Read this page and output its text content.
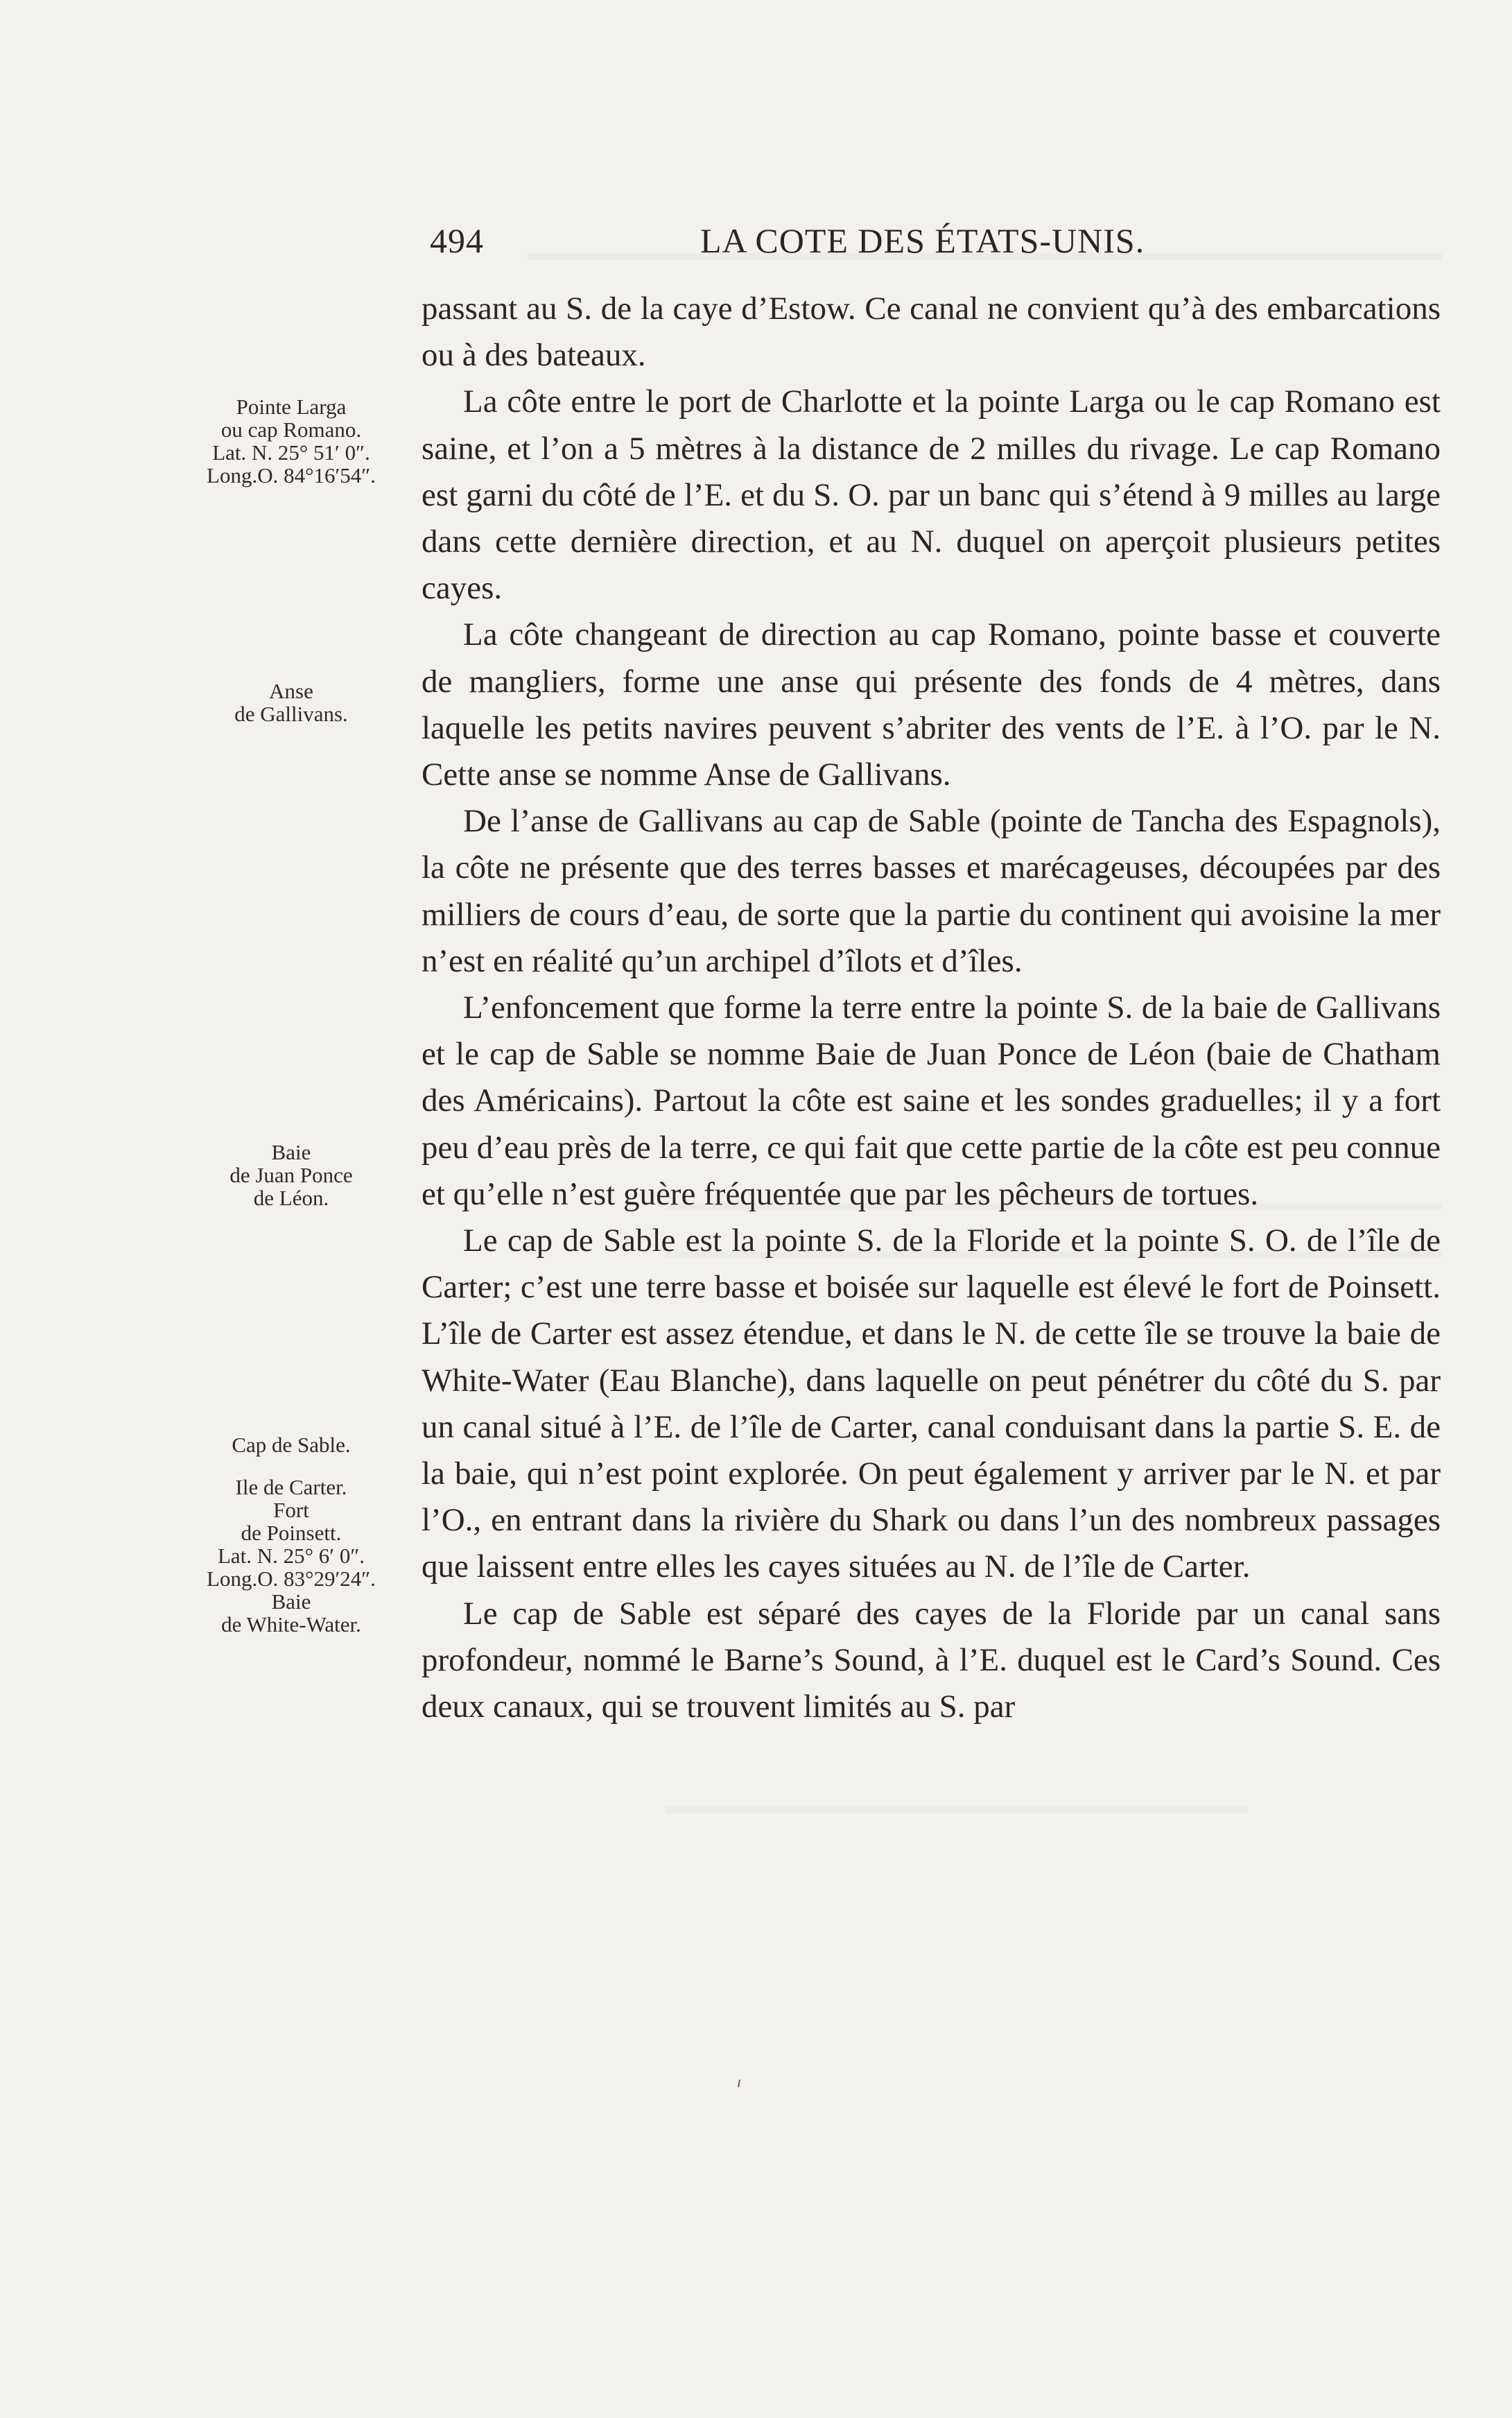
494	LA COTE DES ÉTATS-UNIS.
Pointe Larga
ou cap Romano.
Lat. N. 25° 51′ 0″.
Long.O. 84°16′54″.
Anse
de Gallivans.
Baie
de Juan Ponce
de Léon.
Cap de Sable.
Ile de Carter.
Fort
de Poinsett.
Lat. N. 25° 6′ 0″.
Long.O. 83°29′24″.
Baie
de White-Water.

passant au S. de la caye d’Estow. Ce canal ne convient qu’à des embarcations ou à des bateaux.

La côte entre le port de Charlotte et la pointe Larga ou le cap Romano est saine, et l’on a 5 mètres à la distance de 2 milles du rivage. Le cap Romano est garni du côté de l’E. et du S. O. par un banc qui s’étend à 9 milles au large dans cette dernière direction, et au N. duquel on aperçoit plusieurs petites cayes.

La côte changeant de direction au cap Romano, pointe basse et couverte de mangliers, forme une anse qui présente des fonds de 4 mètres, dans laquelle les petits navires peuvent s’abriter des vents de l’E. à l’O. par le N. Cette anse se nomme Anse de Gallivans.

De l’anse de Gallivans au cap de Sable (pointe de Tancha des Espagnols), la côte ne présente que des terres basses et marécageuses, découpées par des milliers de cours d’eau, de sorte que la partie du continent qui avoisine la mer n’est en réalité qu’un archipel d’îlots et d’îles.

L’enfoncement que forme la terre entre la pointe S. de la baie de Gallivans et le cap de Sable se nomme Baie de Juan Ponce de Léon (baie de Chatham des Américains). Partout la côte est saine et les sondes graduelles; il y a fort peu d’eau près de la terre, ce qui fait que cette partie de la côte est peu connue et qu’elle n’est guère fréquentée que par les pêcheurs de tortues.

Le cap de Sable est la pointe S. de la Floride et la pointe S. O. de l’île de Carter; c’est une terre basse et boisée sur laquelle est élevé le fort de Poinsett. L’île de Carter est assez étendue, et dans le N. de cette île se trouve la baie de White-Water (Eau Blanche), dans laquelle on peut pénétrer du côté du S. par un canal situé à l’E. de l’île de Carter, canal conduisant dans la partie S. E. de la baie, qui n’est point explorée. On peut également y arriver par le N. et par l’O., en entrant dans la rivière du Shark ou dans l’un des nombreux passages que laissent entre elles les cayes situées au N. de l’île de Carter.

Le cap de Sable est séparé des cayes de la Floride par un canal sans profondeur, nommé le Barne’s Sound, à l’E. duquel est le Card’s Sound. Ces deux canaux, qui se trouvent limités au S. par
